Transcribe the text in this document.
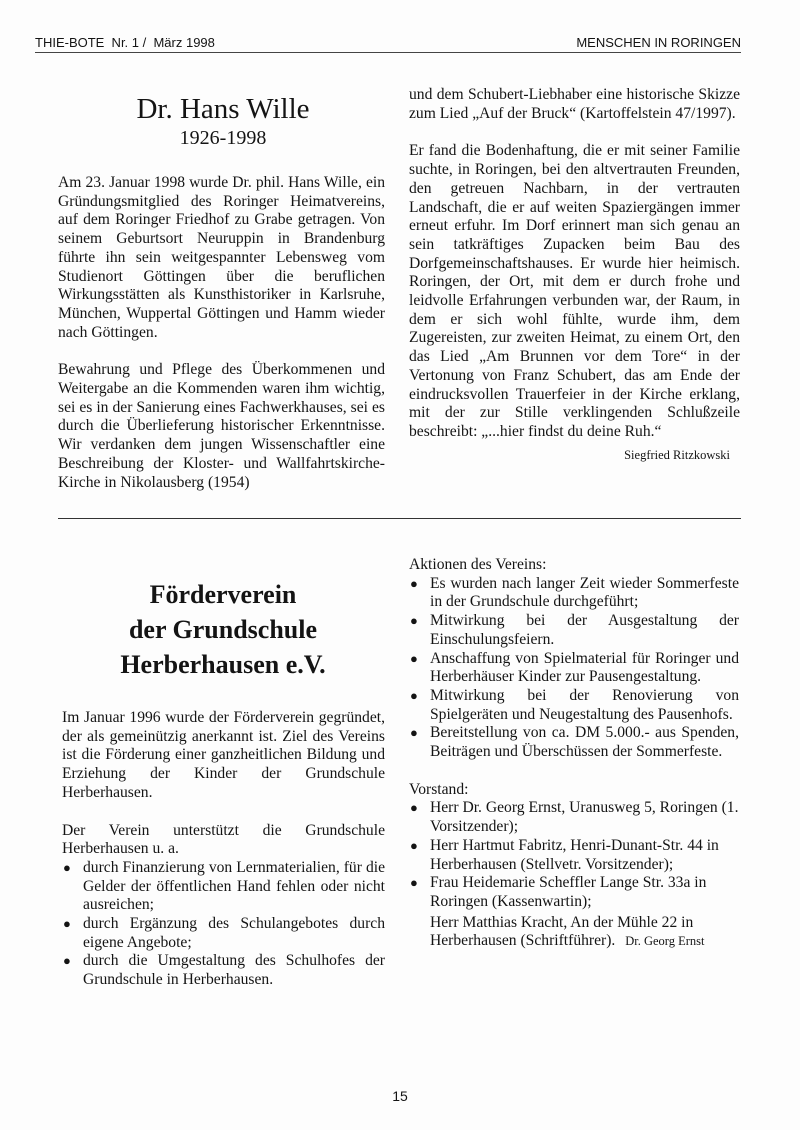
THIE-BOTE  Nr. 1 /  März 1998	MENSCHEN IN RORINGEN
Dr. Hans Wille
1926-1998

Am 23. Januar 1998 wurde Dr. phil. Hans Wille, ein Gründungsmitglied des Roringer Heimatvereins, auf dem Roringer Friedhof zu Grabe getragen. Von seinem Geburtsort Neuruppin in Brandenburg führte ihn sein weitgespannter Lebensweg vom Studienort Göttingen über die beruflichen Wirkungsstätten als Kunsthistoriker in Karlsruhe, München, Wuppertal Göttingen und Hamm wieder nach Göttingen.

Bewahrung und Pflege des Überkommenen und Weitergabe an die Kommenden waren ihm wichtig, sei es in der Sanierung eines Fachwerkhauses, sei es durch die Überlieferung historischer Erkenntnisse. Wir verdanken dem jungen Wissenschaftler eine Beschreibung der Kloster- und Wallfahrtskirche-Kirche in Nikolausberg (1954)

und dem Schubert-Liebhaber eine historische Skizze zum Lied „Auf der Bruck“ (Kartoffelstein 47/1997).

Er fand die Bodenhaftung, die er mit seiner Familie suchte, in Roringen, bei den altvertrauten Freunden, den getreuen Nachbarn, in der vertrauten Landschaft, die er auf weiten Spaziergängen immer erneut erfuhr. Im Dorf erinnert man sich genau an sein tatkräftiges Zupacken beim Bau des Dorfgemeinschaftshauses. Er wurde hier heimisch. Roringen, der Ort, mit dem er durch frohe und leidvolle Erfahrungen verbunden war, der Raum, in dem er sich wohl fühlte, wurde ihm, dem Zugereisten, zur zweiten Heimat, zu einem Ort, den das Lied „Am Brunnen vor dem Tore“ in der Vertonung von Franz Schubert, das am Ende der eindrucksvollen Trauerfeier in der Kirche erklang, mit der zur Stille verklingenden Schlußzeile beschreibt: „...hier findst du deine Ruh.“

Siegfried Ritzkowski
Förderverein
der Grundschule
Herberhausen e.V.

Im Januar 1996 wurde der Förderverein gegründet, der als gemeinützig anerkannt ist. Ziel des Vereins ist die Förderung einer ganzheitlichen Bildung und Erziehung der Kinder der Grundschule Herberhausen.

Der Verein unterstützt die Grundschule Herberhausen u. a.

● durch Finanzierung von Lernmaterialien, für die Gelder der öffentlichen Hand fehlen oder nicht ausreichen;
● durch Ergänzung des Schulangebotes durch eigene Angebote;
● durch die Umgestaltung des Schulhofes der Grundschule in Herberhausen.

Aktionen des Vereins:

● Es wurden nach langer Zeit wieder Sommerfeste in der Grundschule durchgeführt;
● Mitwirkung bei der Ausgestaltung der Einschulungsfeiern.
● Anschaffung von Spielmaterial für Roringer und Herberhäuser Kinder zur Pausengestaltung.
● Mitwirkung bei der Renovierung von Spielgeräten und Neugestaltung des Pausenhofs.
● Bereitstellung von ca. DM 5.000.- aus Spenden, Beiträgen und Überschüssen der Sommerfeste.

Vorstand:

● Herr Dr. Georg Ernst, Uranusweg 5, Roringen (1. Vorsitzender);
● Herr Hartmut Fabritz, Henri-Dunant-Str. 44 in Herberhausen (Stellvetr. Vorsitzender);
● Frau Heidemarie Scheffler Lange Str. 33a in Roringen (Kassenwartin);
Herr Matthias Kracht, An der Mühle 22 in Herberhausen (Schriftführer). Dr. Georg Ernst
15
